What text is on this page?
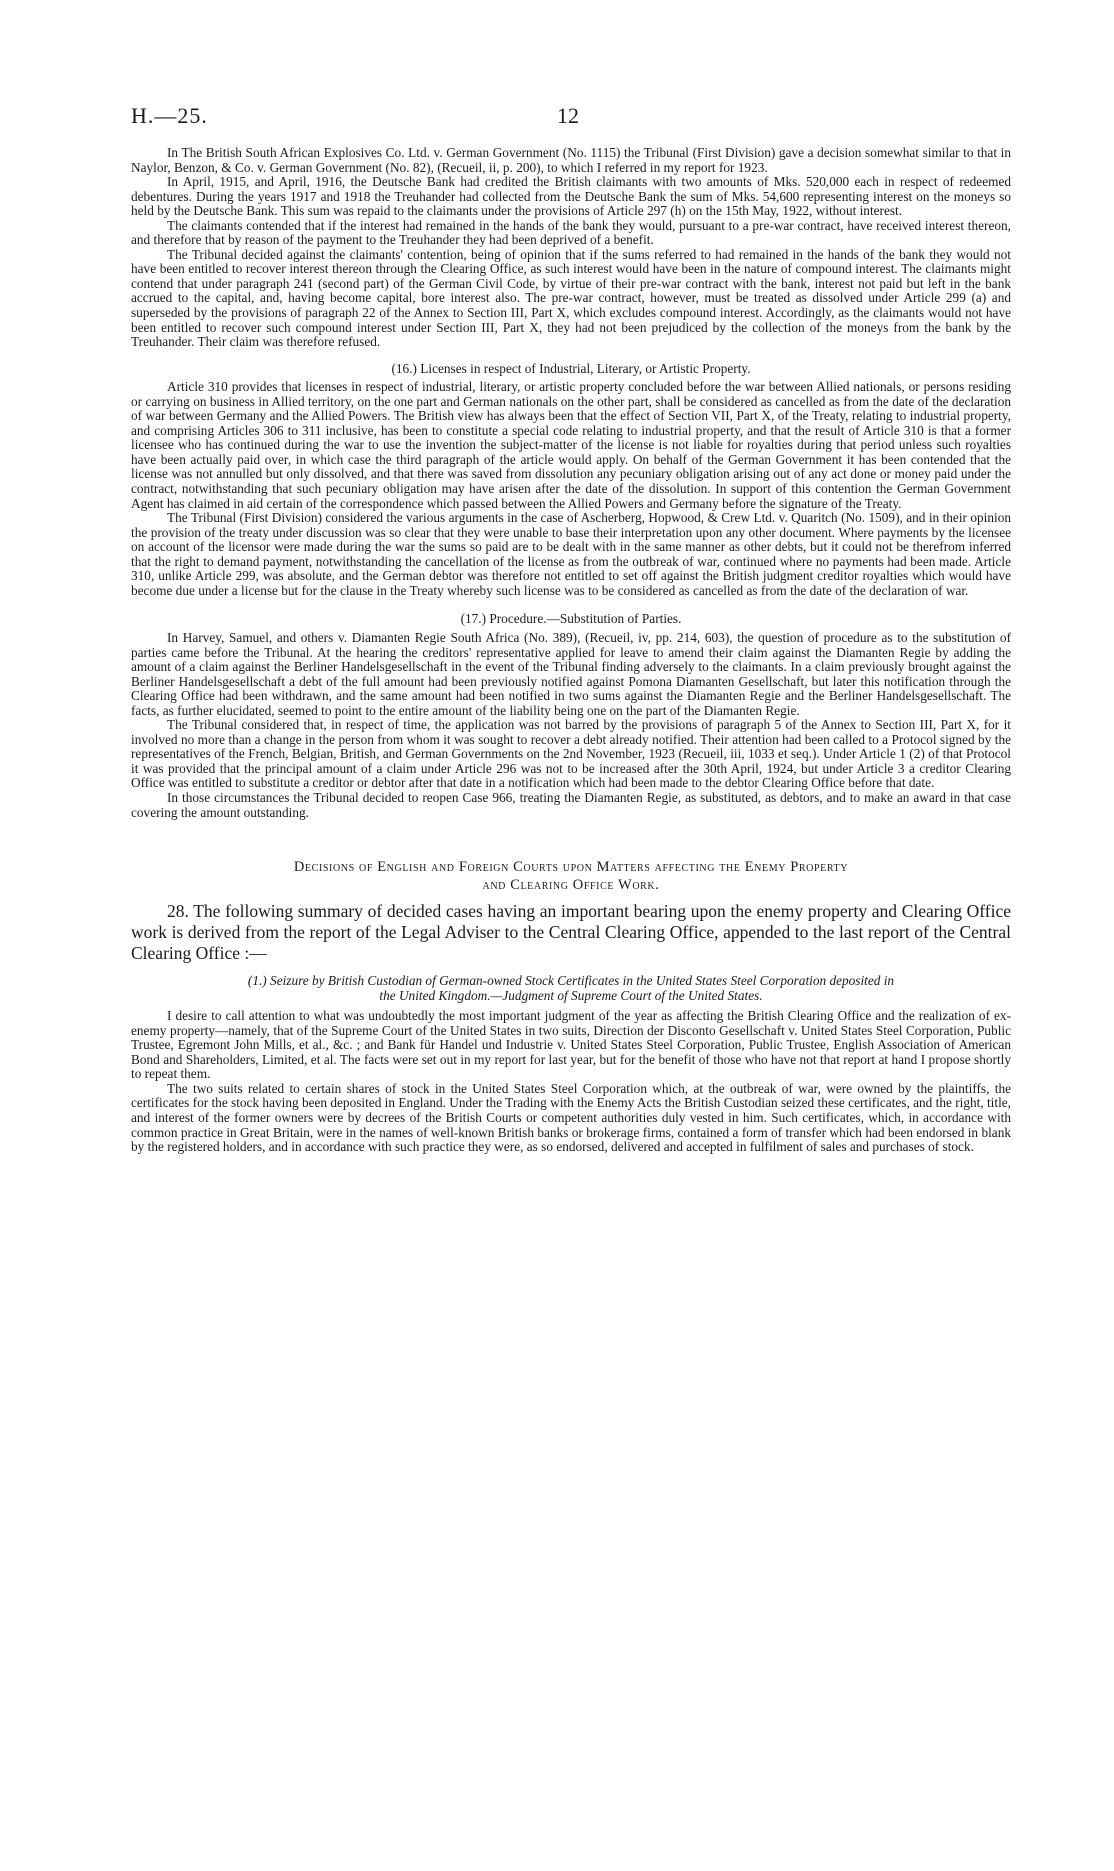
H.—25.	12

In The British South African Explosives Co. Ltd. v. German Government (No. 1115) the Tribunal (First Division) gave a decision somewhat similar to that in Naylor, Benzon, & Co. v. German Government (No. 82), (Recueil, ii, p. 200), to which I referred in my report for 1923.

In April, 1915, and April, 1916, the Deutsche Bank had credited the British claimants with two amounts of Mks. 520,000 each in respect of redeemed debentures. During the years 1917 and 1918 the Treuhander had collected from the Deutsche Bank the sum of Mks. 54,600 representing interest on the moneys so held by the Deutsche Bank. This sum was repaid to the claimants under the provisions of Article 297 (h) on the 15th May, 1922, without interest.

The claimants contended that if the interest had remained in the hands of the bank they would, pursuant to a pre-war contract, have received interest thereon, and therefore that by reason of the payment to the Treuhander they had been deprived of a benefit.

The Tribunal decided against the claimants' contention, being of opinion that if the sums referred to had remained in the hands of the bank they would not have been entitled to recover interest thereon through the Clearing Office, as such interest would have been in the nature of compound interest. The claimants might contend that under paragraph 241 (second part) of the German Civil Code, by virtue of their pre-war contract with the bank, interest not paid but left in the bank accrued to the capital, and, having become capital, bore interest also. The pre-war contract, however, must be treated as dissolved under Article 299 (a) and superseded by the provisions of paragraph 22 of the Annex to Section III, Part X, which excludes compound interest. Accordingly, as the claimants would not have been entitled to recover such compound interest under Section III, Part X, they had not been prejudiced by the collection of the moneys from the bank by the Treuhander. Their claim was therefore refused.

(16.) Licenses in respect of Industrial, Literary, or Artistic Property.

Article 310 provides that licenses in respect of industrial, literary, or artistic property concluded before the war between Allied nationals, or persons residing or carrying on business in Allied territory, on the one part and German nationals on the other part, shall be considered as cancelled as from the date of the declaration of war between Germany and the Allied Powers. The British view has always been that the effect of Section VII, Part X, of the Treaty, relating to industrial property, and comprising Articles 306 to 311 inclusive, has been to constitute a special code relating to industrial property, and that the result of Article 310 is that a former licensee who has continued during the war to use the invention the subject-matter of the license is not liable for royalties during that period unless such royalties have been actually paid over, in which case the third paragraph of the article would apply. On behalf of the German Government it has been contended that the license was not annulled but only dissolved, and that there was saved from dissolution any pecuniary obligation arising out of any act done or money paid under the contract, notwithstanding that such pecuniary obligation may have arisen after the date of the dissolution. In support of this contention the German Government Agent has claimed in aid certain of the correspondence which passed between the Allied Powers and Germany before the signature of the Treaty.

The Tribunal (First Division) considered the various arguments in the case of Ascherberg, Hopwood, & Crew Ltd. v. Quaritch (No. 1509), and in their opinion the provision of the treaty under discussion was so clear that they were unable to base their interpretation upon any other document. Where payments by the licensee on account of the licensor were made during the war the sums so paid are to be dealt with in the same manner as other debts, but it could not be therefrom inferred that the right to demand payment, notwithstanding the cancellation of the license as from the outbreak of war, continued where no payments had been made. Article 310, unlike Article 299, was absolute, and the German debtor was therefore not entitled to set off against the British judgment creditor royalties which would have become due under a license but for the clause in the Treaty whereby such license was to be considered as cancelled as from the date of the declaration of war.

(17.) Procedure.—Substitution of Parties.

In Harvey, Samuel, and others v. Diamanten Regie South Africa (No. 389), (Recueil, iv, pp. 214, 603), the question of procedure as to the substitution of parties came before the Tribunal. At the hearing the creditors' representative applied for leave to amend their claim against the Diamanten Regie by adding the amount of a claim against the Berliner Handelsgesellschaft in the event of the Tribunal finding adversely to the claimants. In a claim previously brought against the Berliner Handelsgesellschaft a debt of the full amount had been previously notified against Pomona Diamanten Gesellschaft, but later this notification through the Clearing Office had been withdrawn, and the same amount had been notified in two sums against the Diamanten Regie and the Berliner Handelsgesellschaft. The facts, as further elucidated, seemed to point to the entire amount of the liability being one on the part of the Diamanten Regie.

The Tribunal considered that, in respect of time, the application was not barred by the provisions of paragraph 5 of the Annex to Section III, Part X, for it involved no more than a change in the person from whom it was sought to recover a debt already notified. Their attention had been called to a Protocol signed by the representatives of the French, Belgian, British, and German Governments on the 2nd November, 1923 (Recueil, iii, 1033 et seq.). Under Article 1 (2) of that Protocol it was provided that the principal amount of a claim under Article 296 was not to be increased after the 30th April, 1924, but under Article 3 a creditor Clearing Office was entitled to substitute a creditor or debtor after that date in a notification which had been made to the debtor Clearing Office before that date.

In those circumstances the Tribunal decided to reopen Case 966, treating the Diamanten Regie, as substituted, as debtors, and to make an award in that case covering the amount outstanding.

Decisions of English and Foreign Courts upon Matters affecting the Enemy Property
and Clearing Office Work.

28. The following summary of decided cases having an important bearing upon the enemy property and Clearing Office work is derived from the report of the Legal Adviser to the Central Clearing Office, appended to the last report of the Central Clearing Office :—

(1.) Seizure by British Custodian of German-owned Stock Certificates in the United States Steel Corporation deposited in
the United Kingdom.—Judgment of Supreme Court of the United States.

I desire to call attention to what was undoubtedly the most important judgment of the year as affecting the British Clearing Office and the realization of ex-enemy property—namely, that of the Supreme Court of the United States in two suits, Direction der Disconto Gesellschaft v. United States Steel Corporation, Public Trustee, Egremont John Mills, et al., &c. ; and Bank für Handel und Industrie v. United States Steel Corporation, Public Trustee, English Association of American Bond and Shareholders, Limited, et al. The facts were set out in my report for last year, but for the benefit of those who have not that report at hand I propose shortly to repeat them.

The two suits related to certain shares of stock in the United States Steel Corporation which, at the outbreak of war, were owned by the plaintiffs, the certificates for the stock having been deposited in England. Under the Trading with the Enemy Acts the British Custodian seized these certificates, and the right, title, and interest of the former owners were by decrees of the British Courts or competent authorities duly vested in him. Such certificates, which, in accordance with common practice in Great Britain, were in the names of well-known British banks or brokerage firms, contained a form of transfer which had been endorsed in blank by the registered holders, and in accordance with such practice they were, as so endorsed, delivered and accepted in fulfilment of sales and purchases of stock.
